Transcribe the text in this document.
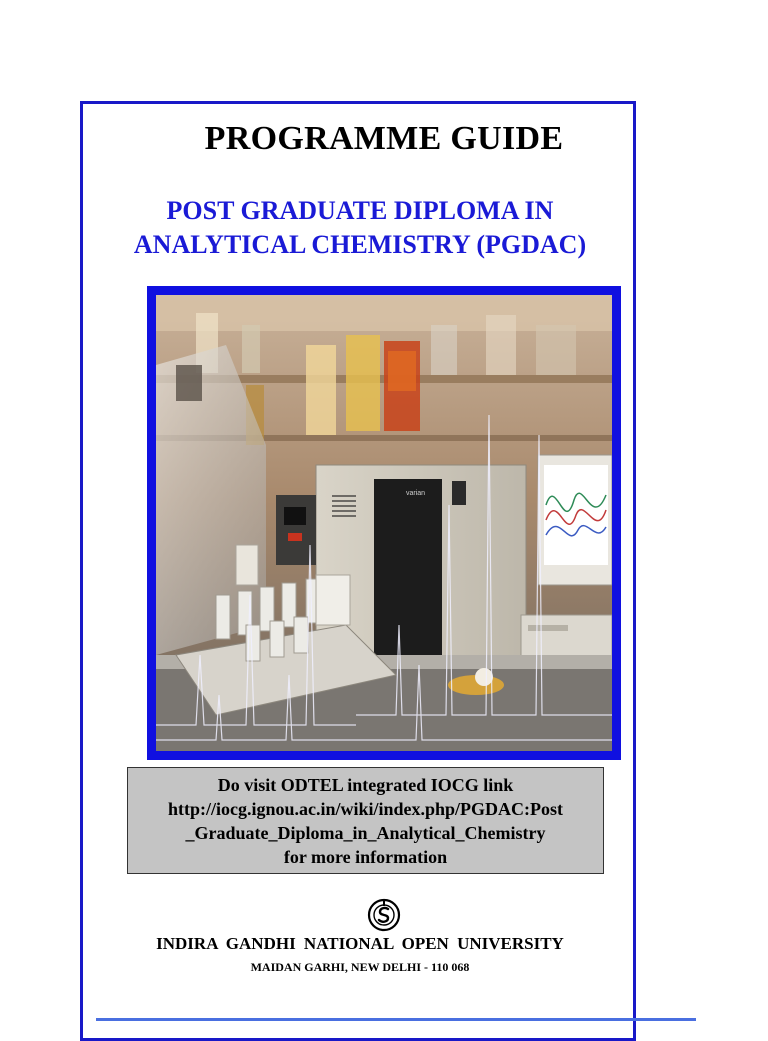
PROGRAMME GUIDE
POST GRADUATE DIPLOMA IN
ANALYTICAL CHEMISTRY (PGDAC)
varian
Do visit ODTEL integrated IOCG link
http://iocg.ignou.ac.in/wiki/index.php/PGDAC:Post
_Graduate_Diploma_in_Analytical_Chemistry
for more information
INDIRA GANDHI NATIONAL OPEN UNIVERSITY
MAIDAN GARHI, NEW DELHI - 110 068
